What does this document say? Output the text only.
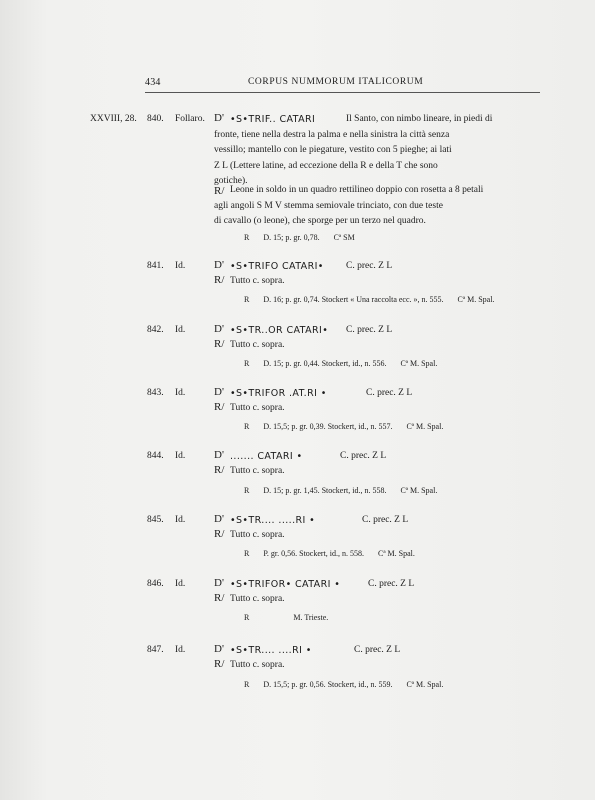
434	CORPUS NUMMORUM ITALICORUM
XXVIII, 28. 840. Follaro. D' •S•TRIF.. CATARI	Il Santo, con nimbo lineare, in piedi di
fronte, tiene nella destra la palma e nella sinistra la città senza
vessillo; mantello con le piegature, vestito con 5 pieghe; ai lati
Z L (Lettere latine, ad eccezione della R e della T che sono
gotiche).
R/ Leone in soldo in un quadro rettilineo doppio con rosetta a 8 petali
agli angoli S M V stemma semiovale trinciato, con due teste
di cavallo (o leone), che sporge per un terzo nel quadro.
R D. 15; p. gr. 0,78. Cª SM
841. Id.	D' •S•TRIFO CATARI• C. prec. Z L
R/ Tutto c. sopra.
R D. 16; p. gr. 0,74. Stockert « Una raccolta ecc. », n. 555. Cª M. Spal.
842. Id.	D' •S•TR..OR CATARI• C. prec. Z L
R/ Tutto c. sopra.
R D. 15; p. gr. 0,44. Stockert, id., n. 556. Cª M. Spal.
843. Id.	D' •S•TRIFOR .AT.RI •	C. prec. Z L
R/ Tutto c. sopra.
R D. 15,5; p. gr. 0,39. Stockert, id., n. 557. Cª M. Spal.
844. Id.	D' ....... CATARI •	C. prec. Z L
R/ Tutto c. sopra.
R D. 15; p. gr. 1,45. Stockert, id., n. 558. Cª M. Spal.
845. Id.	D' •S•TR.... .....RI •	C. prec. Z L
R/ Tutto c. sopra.
R P. gr. 0,56. Stockert, id., n. 558. Cª M. Spal.
846. Id.	D' •S•TRIFOR• CATARI •	C. prec. Z L
R/ Tutto c. sopra.
R	M. Trieste.
847. Id.	D' •S•TR.... ....RI •	C. prec. Z L
R/ Tutto c. sopra.
R D. 15,5; p. gr. 0,56. Stockert, id., n. 559. Cª M. Spal.
